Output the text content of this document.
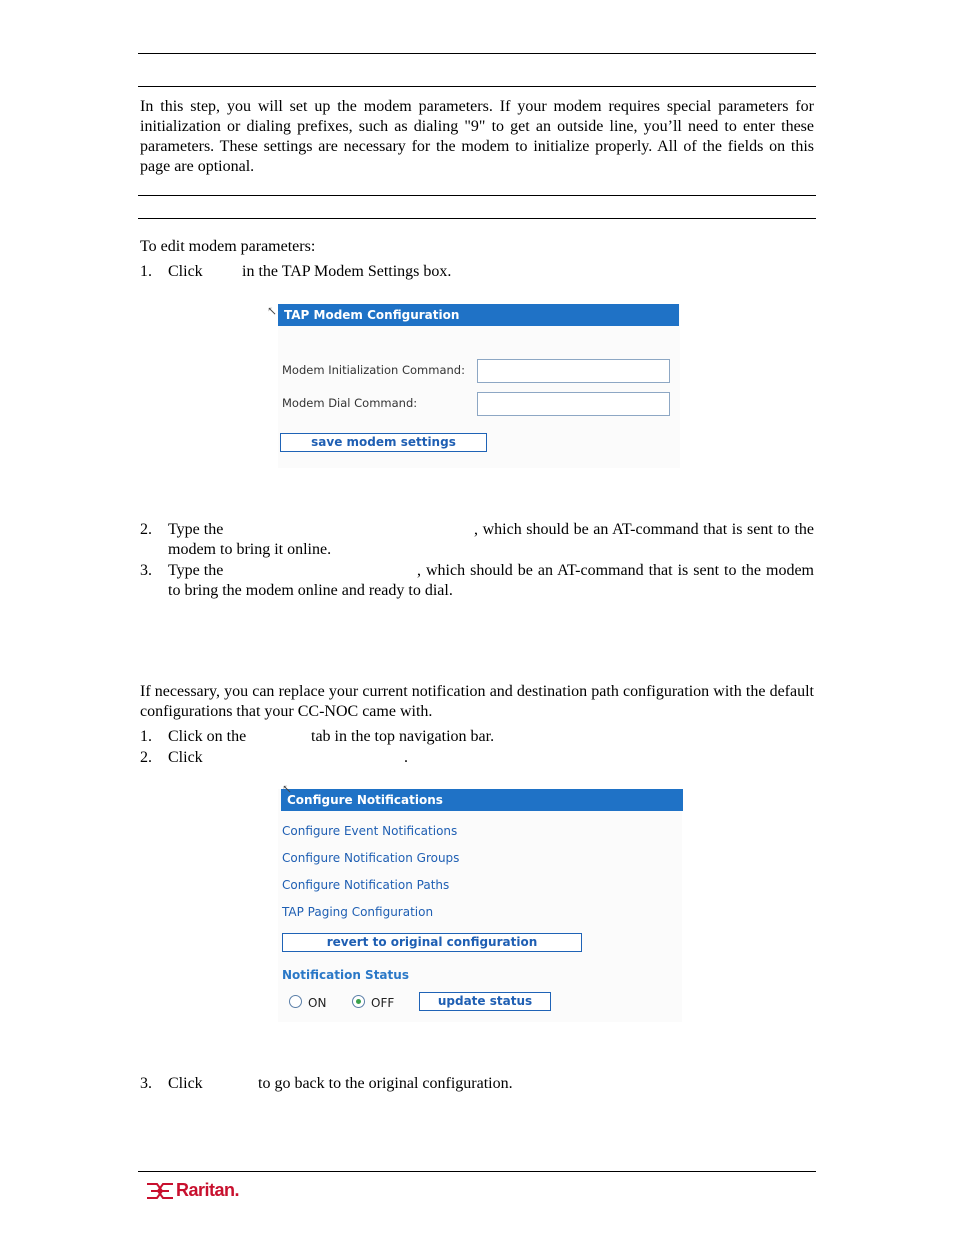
In this step, you will set up the modem parameters. If your modem requires special parameters for initialization or dialing prefixes, such as dialing "9" to get an outside line, you’ll need to enter these parameters. These settings are necessary for the modem to initialize properly. All of the fields on this page are optional.
To edit modem parameters:
1. Click in the TAP Modem Settings box.
TAP Modem Configuration
Modem Initialization Command:
Modem Dial Command:
save modem settings
↖
2. Type the	, which should be an AT-command that is sent to the modem to bring it online.
3. Type the	, which should be an AT-command that is sent to the modem to bring the modem online and ready to dial.
If necessary, you can replace your current notification and destination path configuration with the default configurations that your CC-NOC came with.
1. Click on the	tab in the top navigation bar.
2. Click	.
Configure Notifications
Configure Event Notifications
Configure Notification Groups
Configure Notification Paths
TAP Paging Configuration
revert to original configuration
Notification Status
ON	OFF	update status
↖
3. Click	to go back to the original configuration.
Raritan.
